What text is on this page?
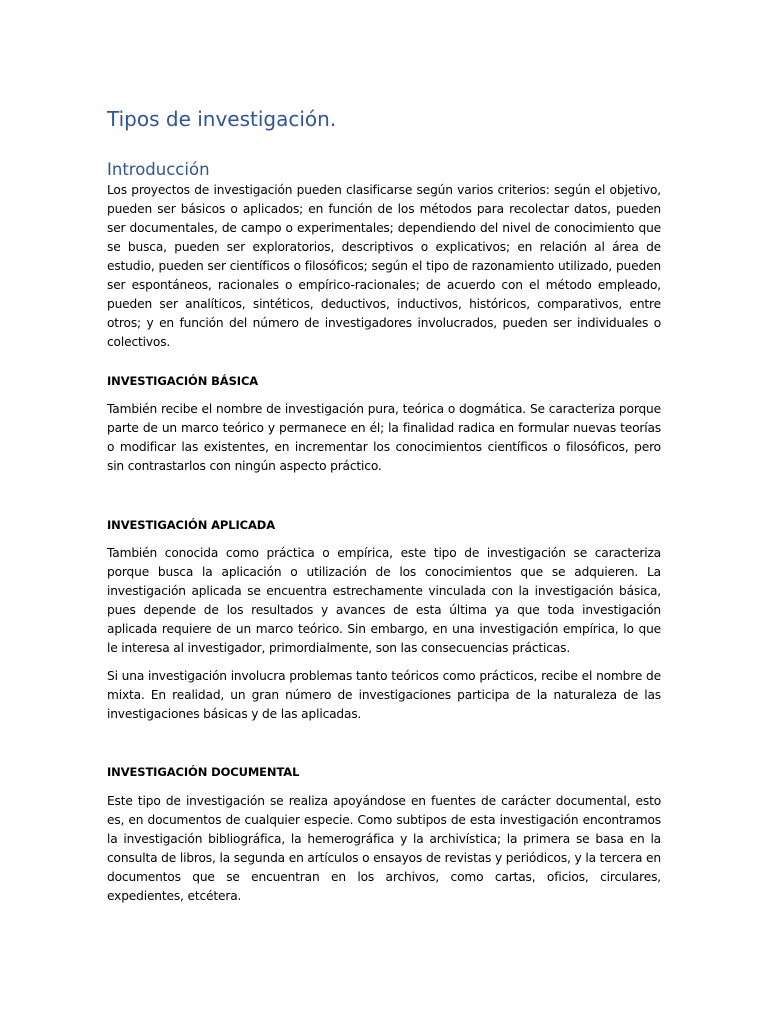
Tipos de investigación.
Introducción

Los proyectos de investigación pueden clasificarse según varios criterios: según el objetivo, pueden ser básicos o aplicados; en función de los métodos para recolectar datos, pueden ser documentales, de campo o experimentales; dependiendo del nivel de conocimiento que se busca, pueden ser exploratorios, descriptivos o explicativos; en relación al área de estudio, pueden ser científicos o filosóficos; según el tipo de razonamiento utilizado, pueden ser espontáneos, racionales o empírico-racionales; de acuerdo con el método empleado, pueden ser analíticos, sintéticos, deductivos, inductivos, históricos, comparativos, entre otros; y en función del número de investigadores involucrados, pueden ser individuales o colectivos.

INVESTIGACIÓN BÁSICA

También recibe el nombre de investigación pura, teórica o dogmática. Se caracteriza porque parte de un marco teórico y permanece en él; la finalidad radica en formular nuevas teorías o modificar las existentes, en incrementar los conocimientos científicos o filosóficos, pero sin contrastarlos con ningún aspecto práctico.

INVESTIGACIÓN APLICADA

También conocida como práctica o empírica, este tipo de investigación se caracteriza porque busca la aplicación o utilización de los conocimientos que se adquieren. La investigación aplicada se encuentra estrechamente vinculada con la investigación básica, pues depende de los resultados y avances de esta última ya que toda investigación aplicada requiere de un marco teórico. Sin embargo, en una investigación empírica, lo que le interesa al investigador, primordialmente, son las consecuencias prácticas.

Si una investigación involucra problemas tanto teóricos como prácticos, recibe el nombre de mixta. En realidad, un gran número de investigaciones participa de la naturaleza de las investigaciones básicas y de las aplicadas.

INVESTIGACIÓN DOCUMENTAL

Este tipo de investigación se realiza apoyándose en fuentes de carácter documental, esto es, en documentos de cualquier especie. Como subtipos de esta investigación encontramos la investigación bibliográfica, la hemerográfica y la archivística; la primera se basa en la consulta de libros, la segunda en artículos o ensayos de revistas y periódicos, y la tercera en documentos que se encuentran en los archivos, como cartas, oficios, circulares, expedientes, etcétera.
